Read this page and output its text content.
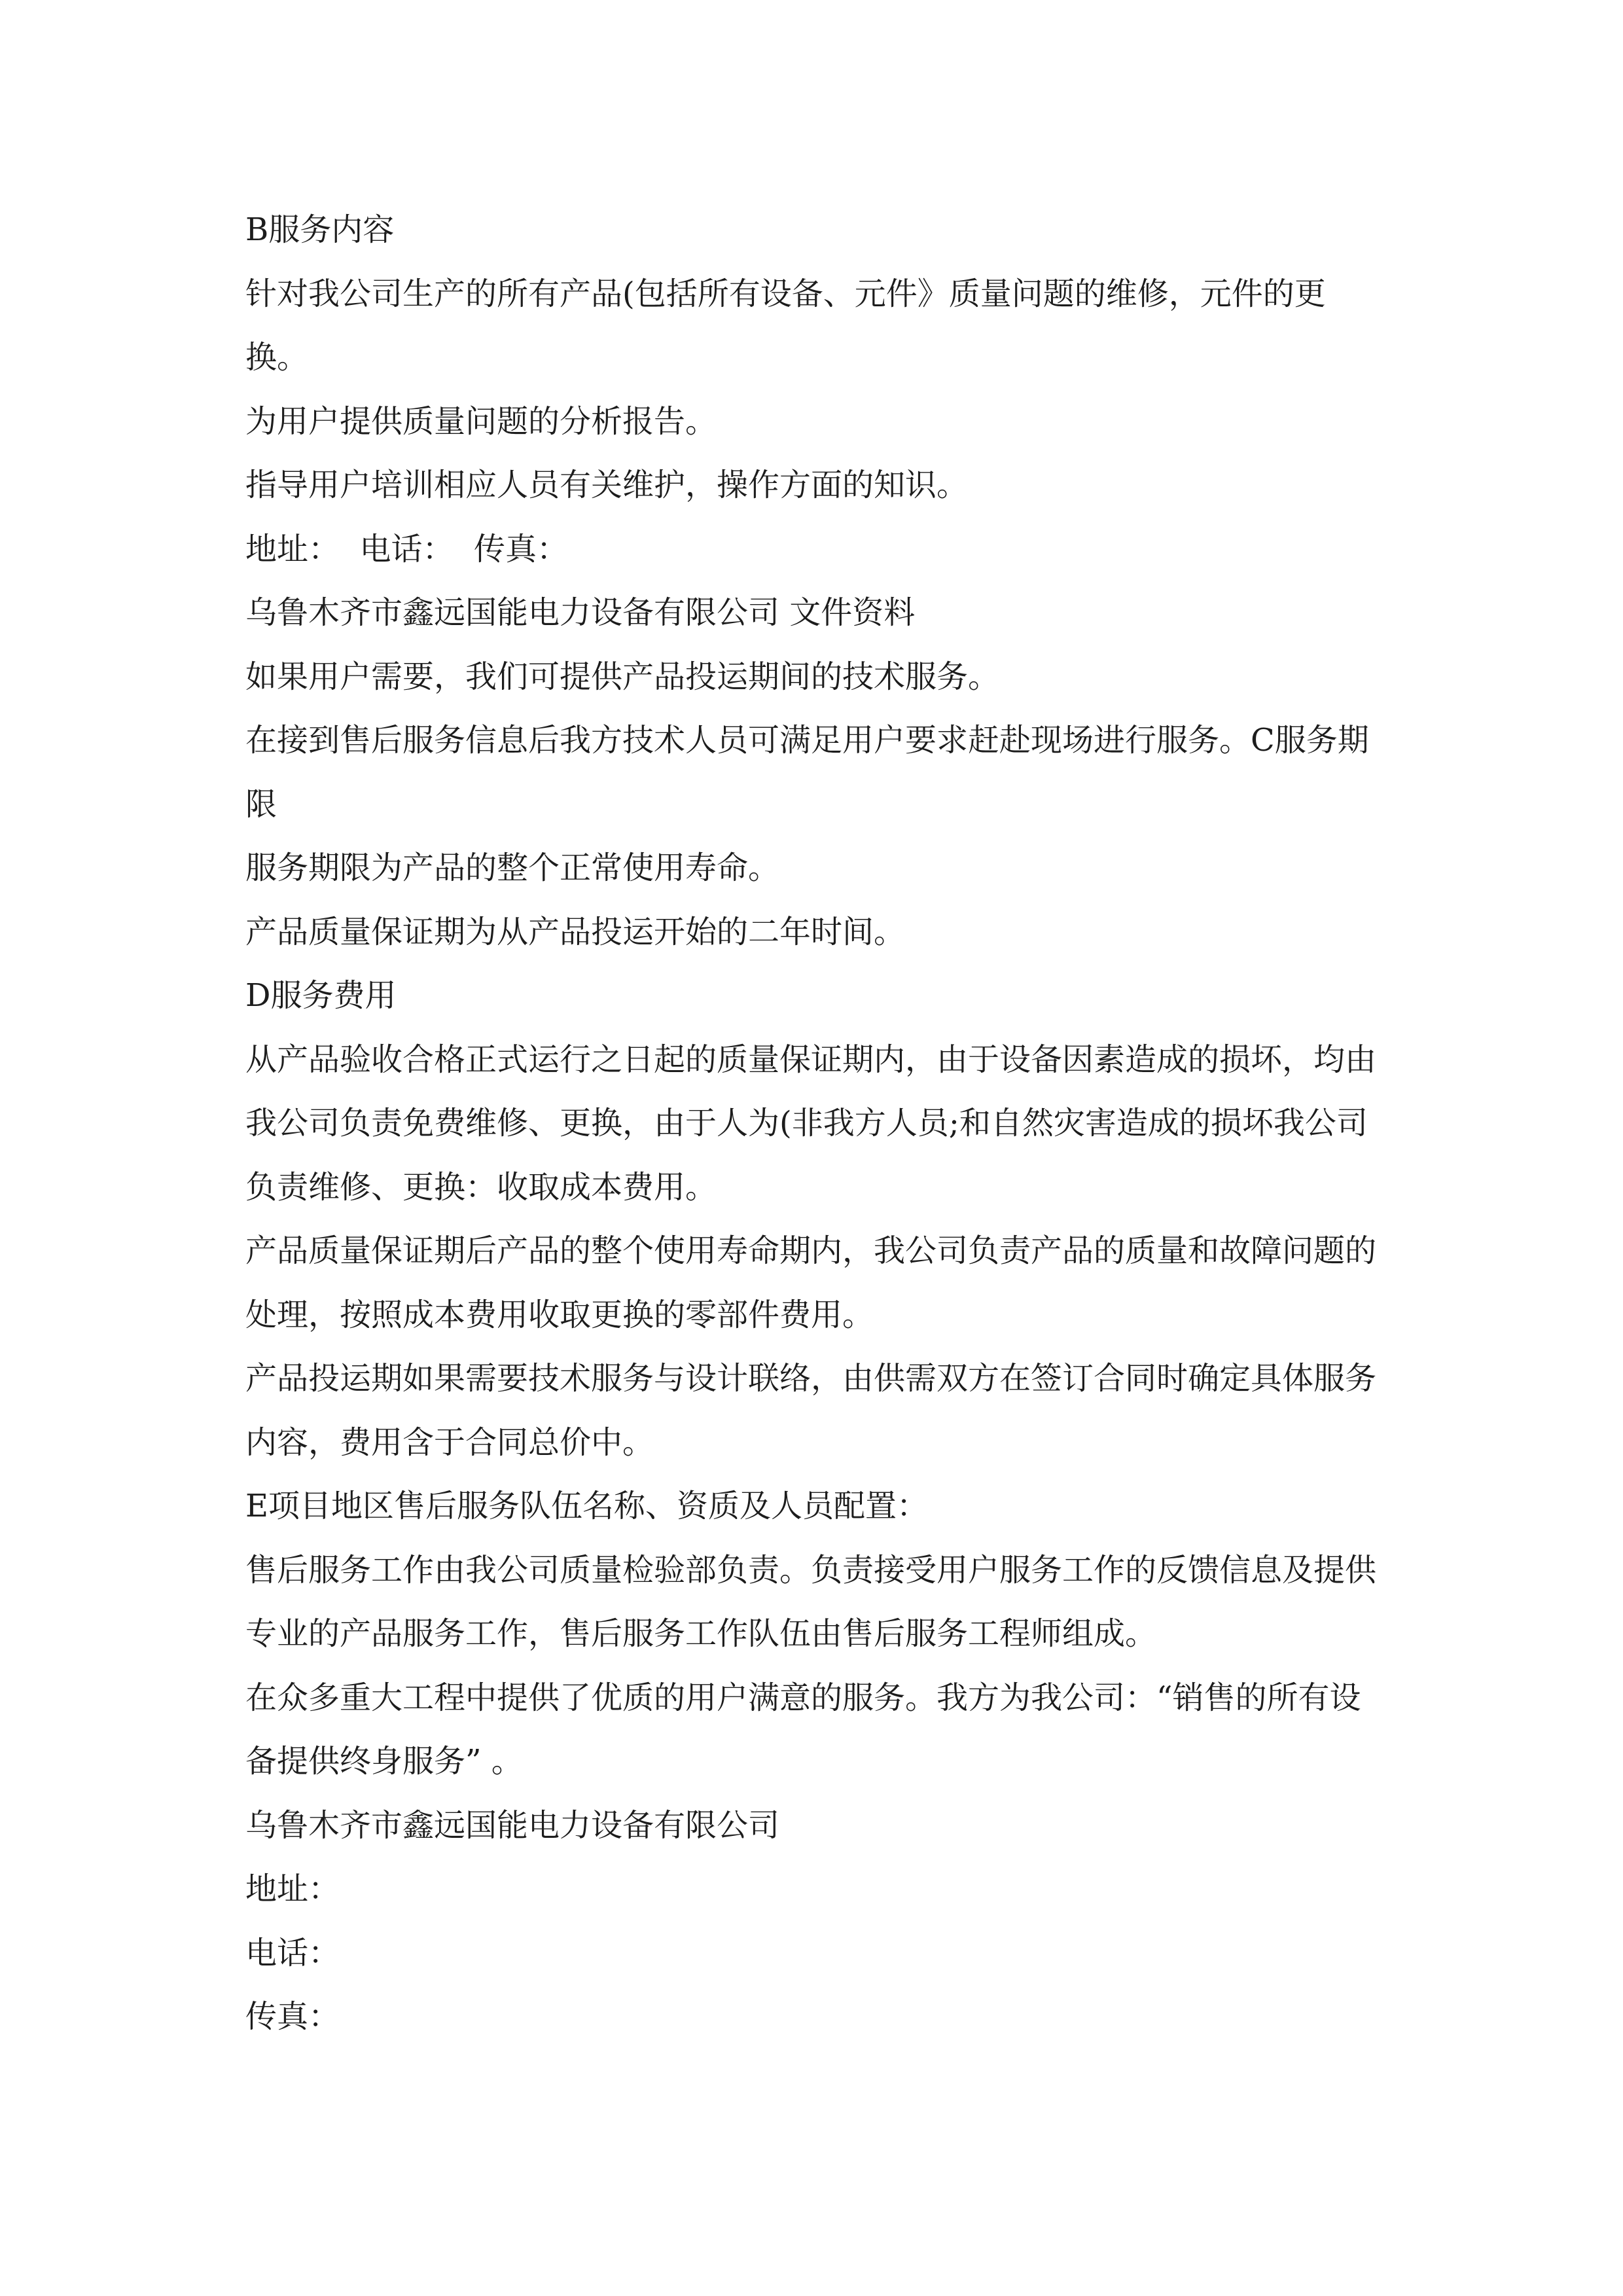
B服务内容

针对我公司生产的所有产品(包括所有设备、元件》质量问题的维修，元件的更换。

为用户提供质量问题的分析报告。

指导用户培训相应人员有关维护，操作方面的知识。

地址：  电话：  传真：

乌鲁木齐市鑫远国能电力设备有限公司 文件资料

如果用户需要，我们可提供产品投运期间的技术服务。

在接到售后服务信息后我方技术人员可满足用户要求赶赴现场进行服务。C服务期限

服务期限为产品的整个正常使用寿命。

产品质量保证期为从产品投运开始的二年时间。

D服务费用

从产品验收合格正式运行之日起的质量保证期内，由于设备因素造成的损坏，均由我公司负责免费维修、更换，由于人为(非我方人员;和自然灾害造成的损坏我公司负责维修、更换：收取成本费用。

产品质量保证期后产品的整个使用寿命期内，我公司负责产品的质量和故障问题的处理，按照成本费用收取更换的零部件费用。

产品投运期如果需要技术服务与设计联络，由供需双方在签订合同时确定具体服务内容，费用含于合同总价中。

E项目地区售后服务队伍名称、资质及人员配置：

售后服务工作由我公司质量检验部负责。负责接受用户服务工作的反馈信息及提供专业的产品服务工作，售后服务工作队伍由售后服务工程师组成。

在众多重大工程中提供了优质的用户满意的服务。我方为我公司：“销售的所有设备提供终身服务” 。

乌鲁木齐市鑫远国能电力设备有限公司

地址：

电话：

传真：
